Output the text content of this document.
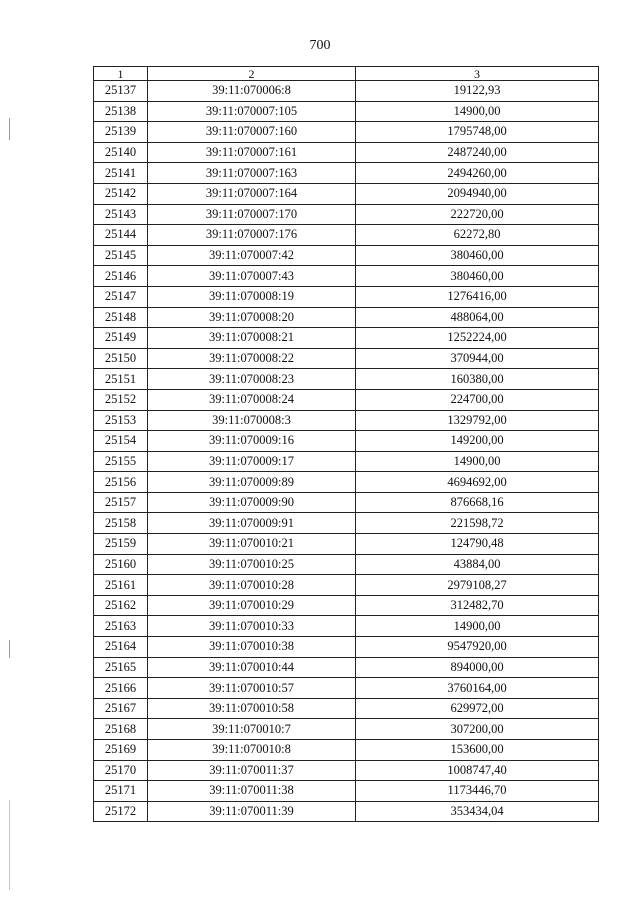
700
1	2	3
25137	39:11:070006:8	19122,93
25138	39:11:070007:105	14900,00
25139	39:11:070007:160	1795748,00
25140	39:11:070007:161	2487240,00
25141	39:11:070007:163	2494260,00
25142	39:11:070007:164	2094940,00
25143	39:11:070007:170	222720,00
25144	39:11:070007:176	62272,80
25145	39:11:070007:42	380460,00
25146	39:11:070007:43	380460,00
25147	39:11:070008:19	1276416,00
25148	39:11:070008:20	488064,00
25149	39:11:070008:21	1252224,00
25150	39:11:070008:22	370944,00
25151	39:11:070008:23	160380,00
25152	39:11:070008:24	224700,00
25153	39:11:070008:3	1329792,00
25154	39:11:070009:16	149200,00
25155	39:11:070009:17	14900,00
25156	39:11:070009:89	4694692,00
25157	39:11:070009:90	876668,16
25158	39:11:070009:91	221598,72
25159	39:11:070010:21	124790,48
25160	39:11:070010:25	43884,00
25161	39:11:070010:28	2979108,27
25162	39:11:070010:29	312482,70
25163	39:11:070010:33	14900,00
25164	39:11:070010:38	9547920,00
25165	39:11:070010:44	894000,00
25166	39:11:070010:57	3760164,00
25167	39:11:070010:58	629972,00
25168	39:11:070010:7	307200,00
25169	39:11:070010:8	153600,00
25170	39:11:070011:37	1008747,40
25171	39:11:070011:38	1173446,70
25172	39:11:070011:39	353434,04
